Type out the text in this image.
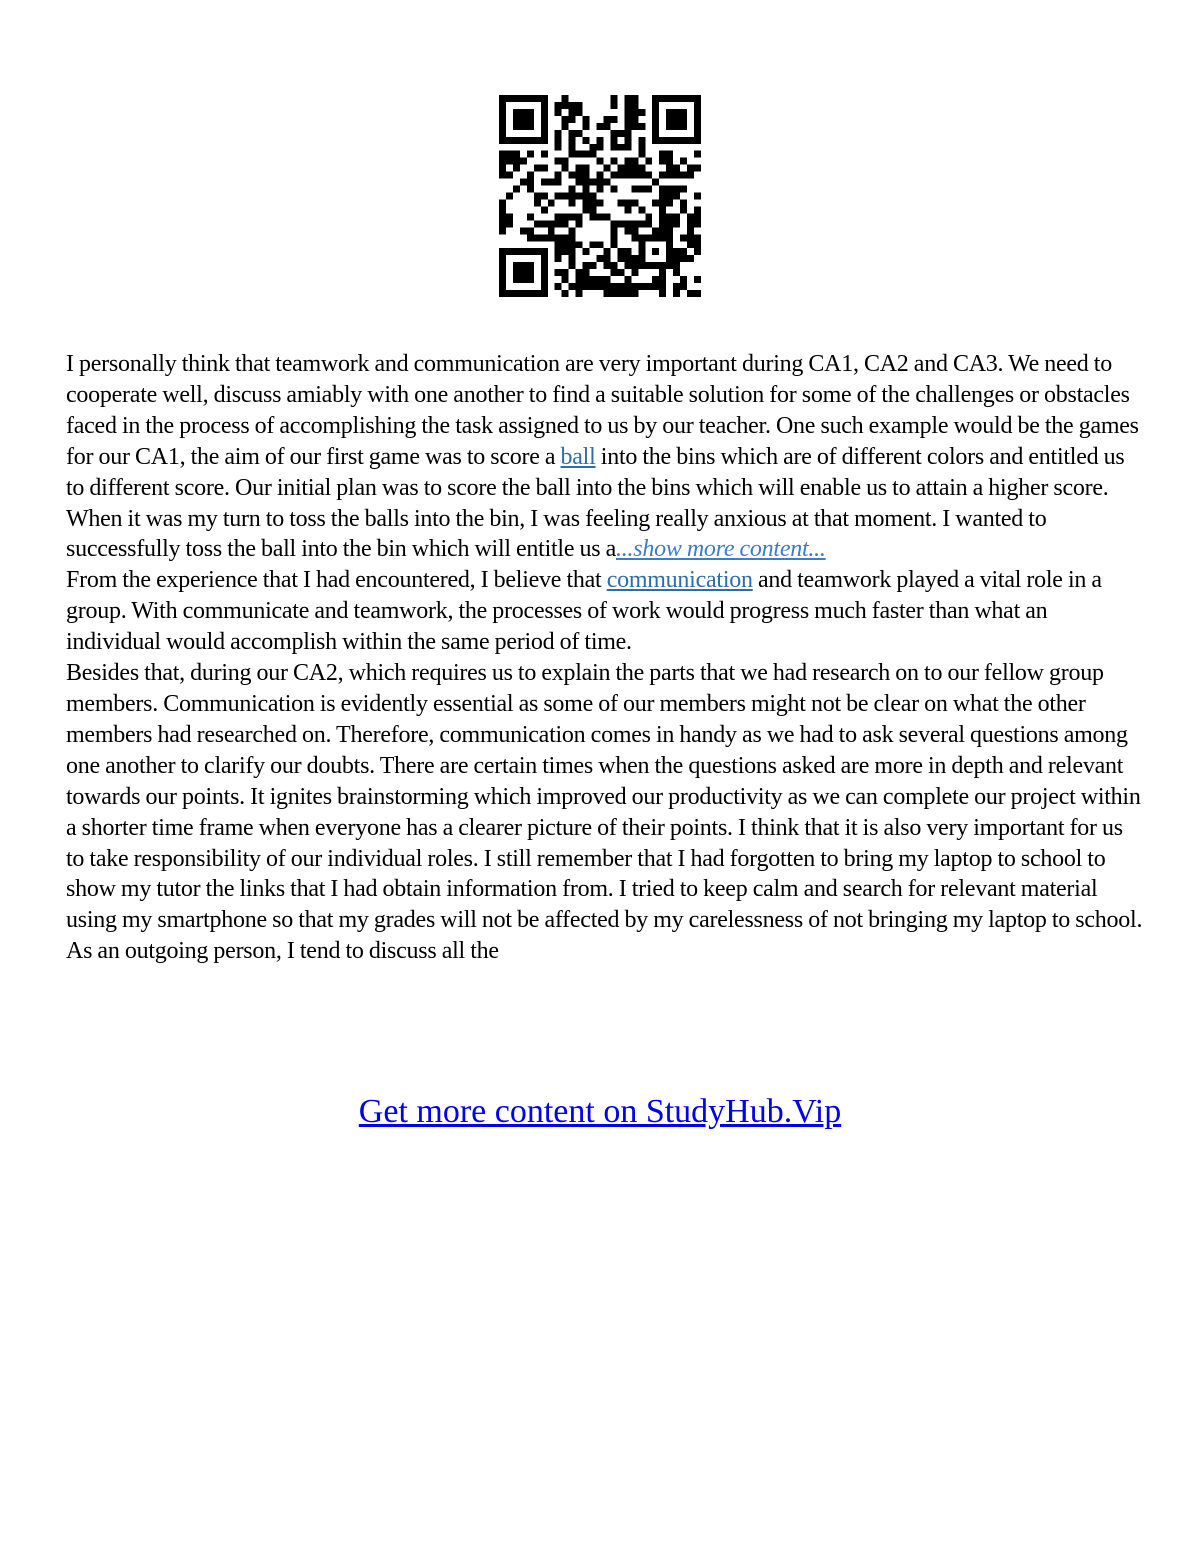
I personally think that teamwork and communication are very important during CA1, CA2 and CA3. We need to cooperate well, discuss amiably with one another to find a suitable solution for some of the challenges or obstacles faced in the process of accomplishing the task assigned to us by our teacher. One such example would be the games for our CA1, the aim of our first game was to score a ball into the bins which are of different colors and entitled us to different score. Our initial plan was to score the ball into the bins which will enable us to attain a higher score. When it was my turn to toss the balls into the bin, I was feeling really anxious at that moment. I wanted to successfully toss the ball into the bin which will entitle us a...show more content...

From the experience that I had encountered, I believe that communication and teamwork played a vital role in a group. With communicate and teamwork, the processes of work would progress much faster than what an individual would accomplish within the same period of time.

Besides that, during our CA2, which requires us to explain the parts that we had research on to our fellow group members. Communication is evidently essential as some of our members might not be clear on what the other members had researched on. Therefore, communication comes in handy as we had to ask several questions among one another to clarify our doubts. There are certain times when the questions asked are more in depth and relevant towards our points. It ignites brainstorming which improved our productivity as we can complete our project within a shorter time frame when everyone has a clearer picture of their points. I think that it is also very important for us to take responsibility of our individual roles. I still remember that I had forgotten to bring my laptop to school to show my tutor the links that I had obtain information from. I tried to keep calm and search for relevant material using my smartphone so that my grades will not be affected by my carelessness of not bringing my laptop to school.

As an outgoing person, I tend to discuss all the

Get more content on StudyHub.Vip
